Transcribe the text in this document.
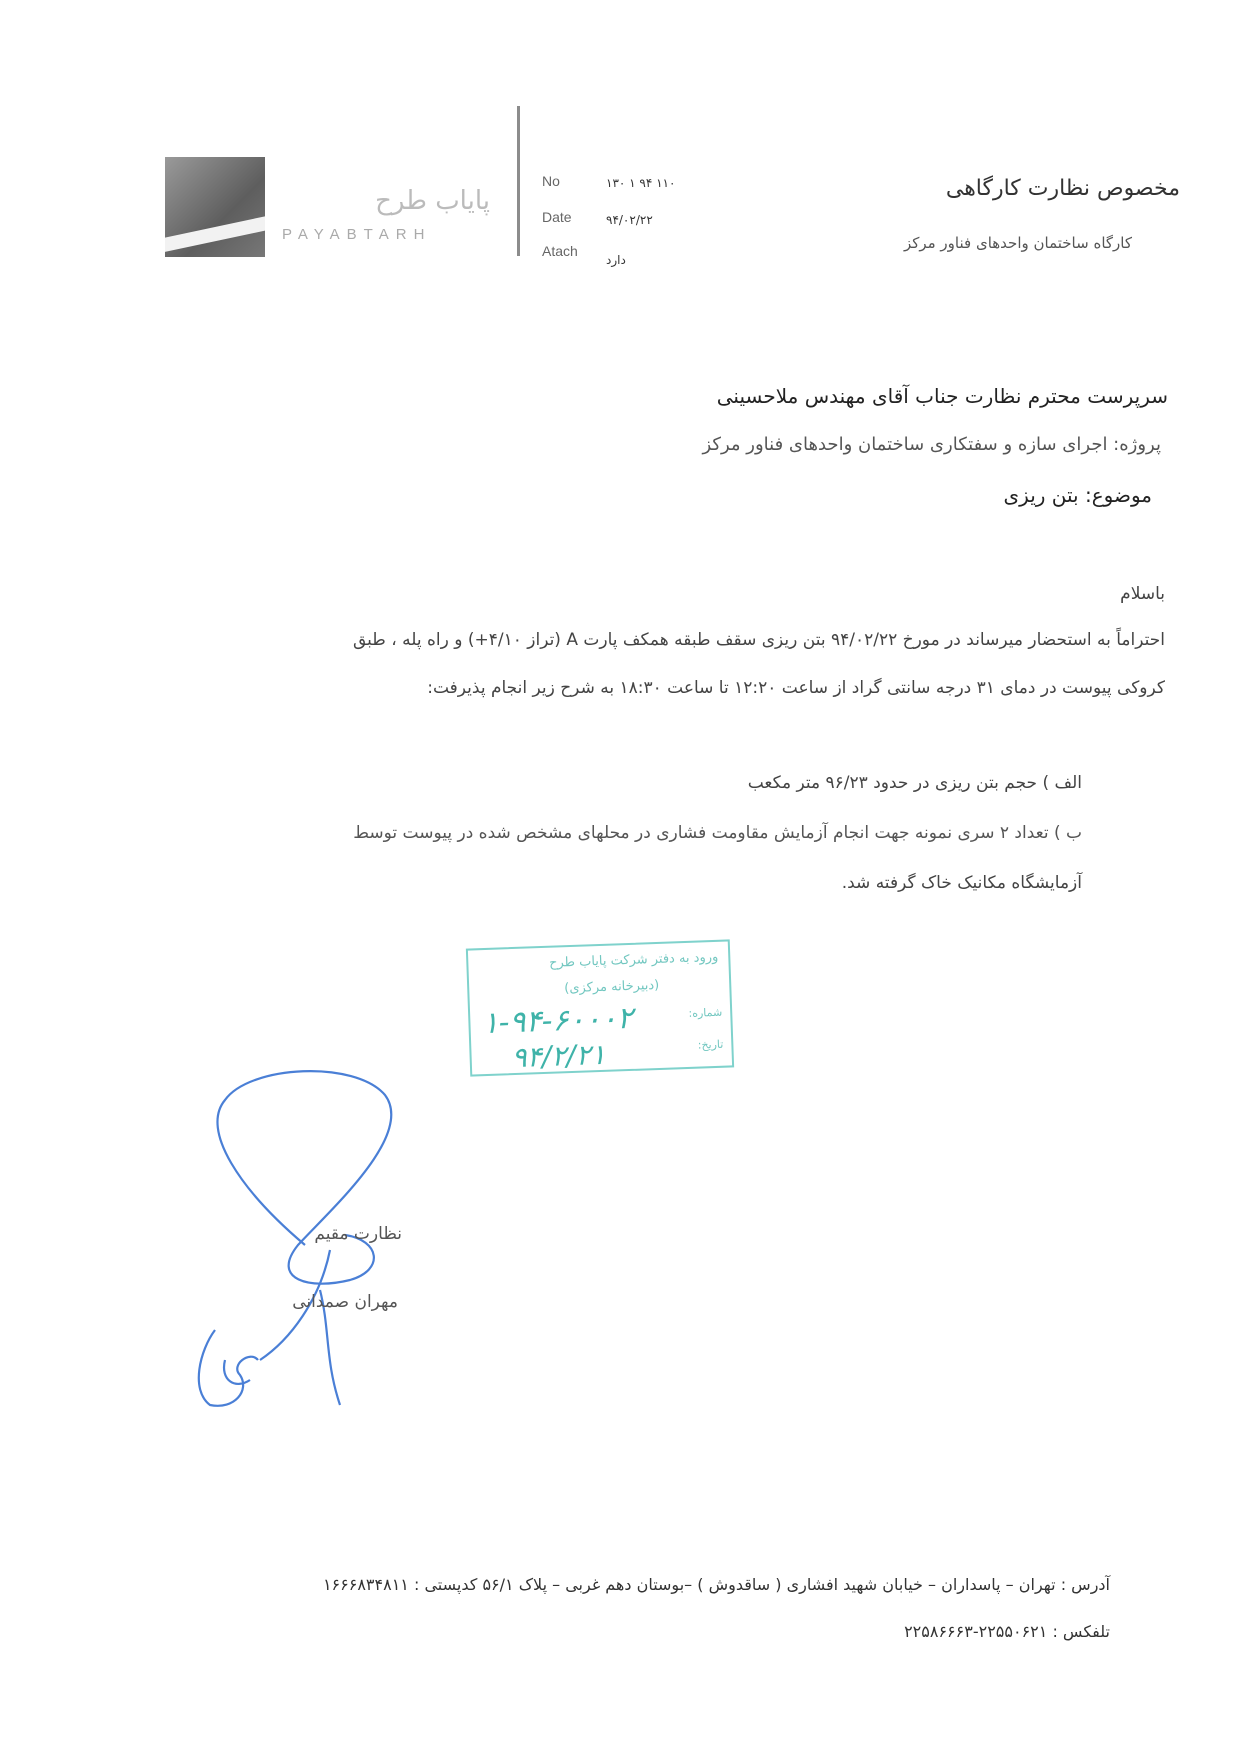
پایاب طرح
PAYABTARH
No	۱۳۰ ۱ ۹۴ ۱۱۰
Date	۹۴/۰۲/۲۲
Atach
دارد
مخصوص نظارت کارگاهی
کارگاه ساختمان واحدهای فناور مرکز
سرپرست محترم نظارت جناب آقای مهندس ملاحسینی
پروژه: اجرای سازه و سفتکاری ساختمان واحدهای فناور مرکز
موضوع: بتن ریزی
باسلام
احتراماً به استحضار میرساند در مورخ ۹۴/۰۲/۲۲ بتن ریزی سقف طبقه همکف پارت A (تراز ۴/۱۰+) و راه پله ، طبق
کروکی پیوست در دمای ۳۱ درجه سانتی گراد از ساعت ۱۲:۲۰ تا ساعت ۱۸:۳۰ به شرح زیر انجام پذیرفت:
الف ) حجم بتن ریزی در حدود ۹۶/۲۳ متر مکعب
ب ) تعداد ۲ سری نمونه جهت انجام آزمایش مقاومت فشاری در محلهای مشخص شده در پیوست توسط
آزمایشگاه مکانیک خاک گرفته شد.
ورود به دفتر شرکت پایاب طرح
(دبیرخانه مرکزی)
شماره:
تاریخ:
۱-۹۴-۶۰۰۰۲
۹۴/۲/۲۱
نظارت مقیم
مهران صمدانی
آدرس : تهران – پاسداران – خیابان شهید افشاری ( ساقدوش ) –بوستان دهم غربی – پلاک ۵۶/۱ کدپستی : ۱۶۶۶۸۳۴۸۱۱
تلفکس : ۲۲۵۵۰۶۲۱-۲۲۵۸۶۶۶۳
